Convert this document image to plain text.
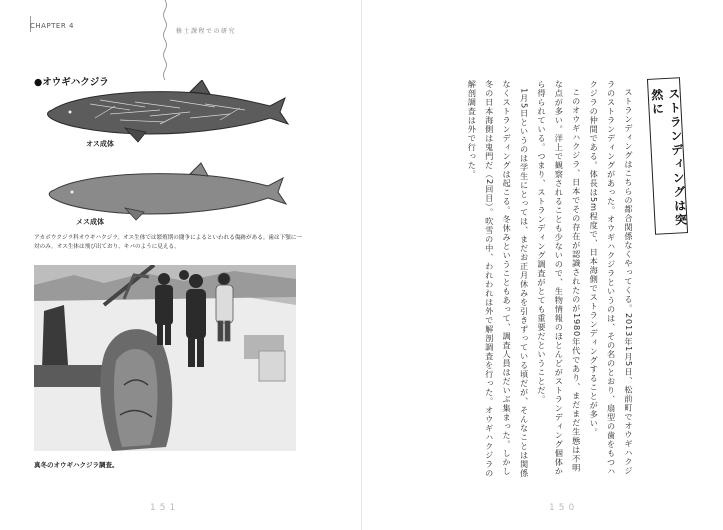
CHAPTER 4
修士課程での研究
●オウギハクジラ
オス成体
メス成体
アカボウクジラ科オウギハクジラ。オス生体では繁殖期の闘争によるといわれる傷跡がある。歯は下顎に一対のみ。オス生体は飛び出ており、キバのように見える。
真冬のオウギハクジラ調査。
151
ストランディングは突然に

ストランディングはこちらの都合関係なくやってくる。2013年1月5日、松前町でオウギハクジラのストランディングがあった。オウギハクジラというのは、その名のとおり、扇型の歯をもつハクジラの仲間である。体長は5m程度で、日本海側でストランディングすることが多い。

このオウギハクジラ、日本でその存在が認識されたのが1980年代であり、まだまだ生態は不明な点が多い。洋上で観察されることも少ないので、生物情報のほとんどがストランディング個体から得られている。つまり、ストランディング調査がとても重要だということだ。

1月5日というのは学生にとっては、まだお正月休みを引きずっている頃だが、そんなことは関係なくストランディングは起こる。冬休みということもあって、調査人員はだいぶ集まった。しかし冬の日本海側は鬼門だ（2回目）。吹雪の中、われわれは外で解剖調査を行った。オウギハクジラの解剖調査は外で行った。

150
